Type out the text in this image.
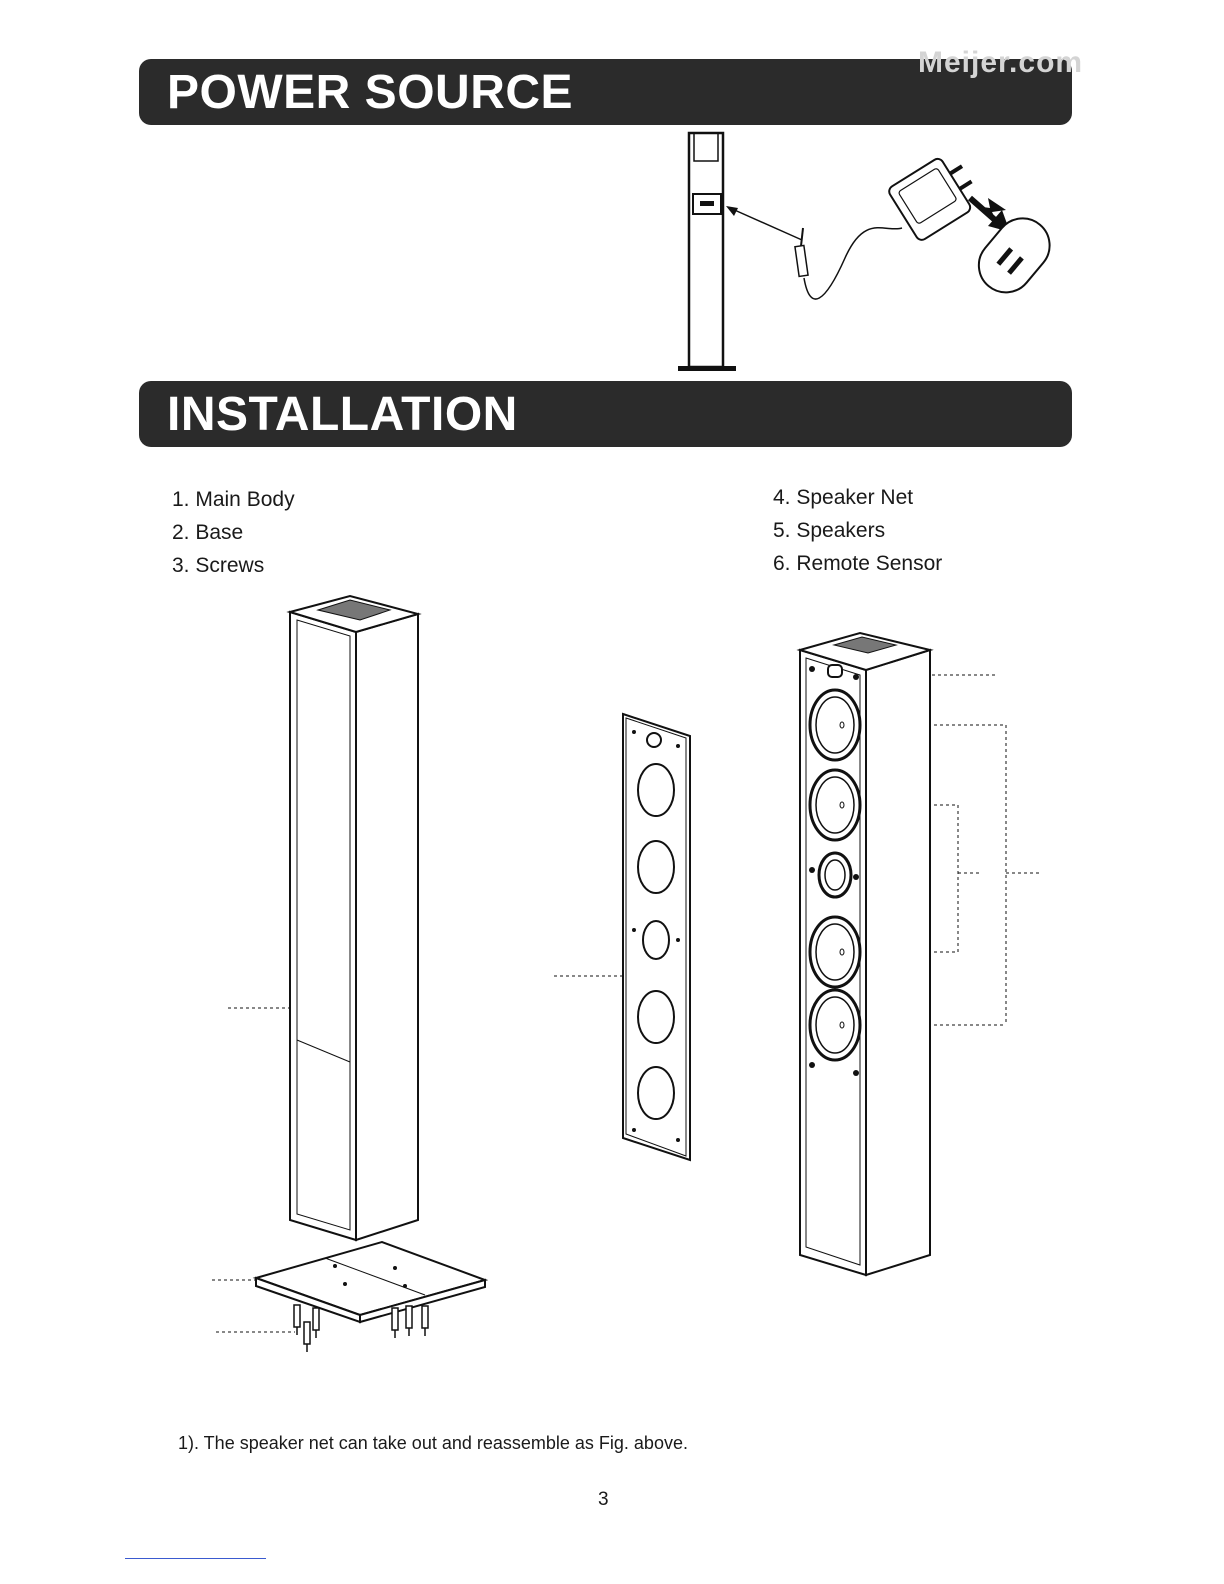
POWER SOURCE
Meijer.com
INSTALLATION
1. Main Body
2. Base
3. Screws
4. Speaker Net
5. Speakers
6. Remote Sensor
1). The speaker net can take out and reassemble as Fig. above.
3
